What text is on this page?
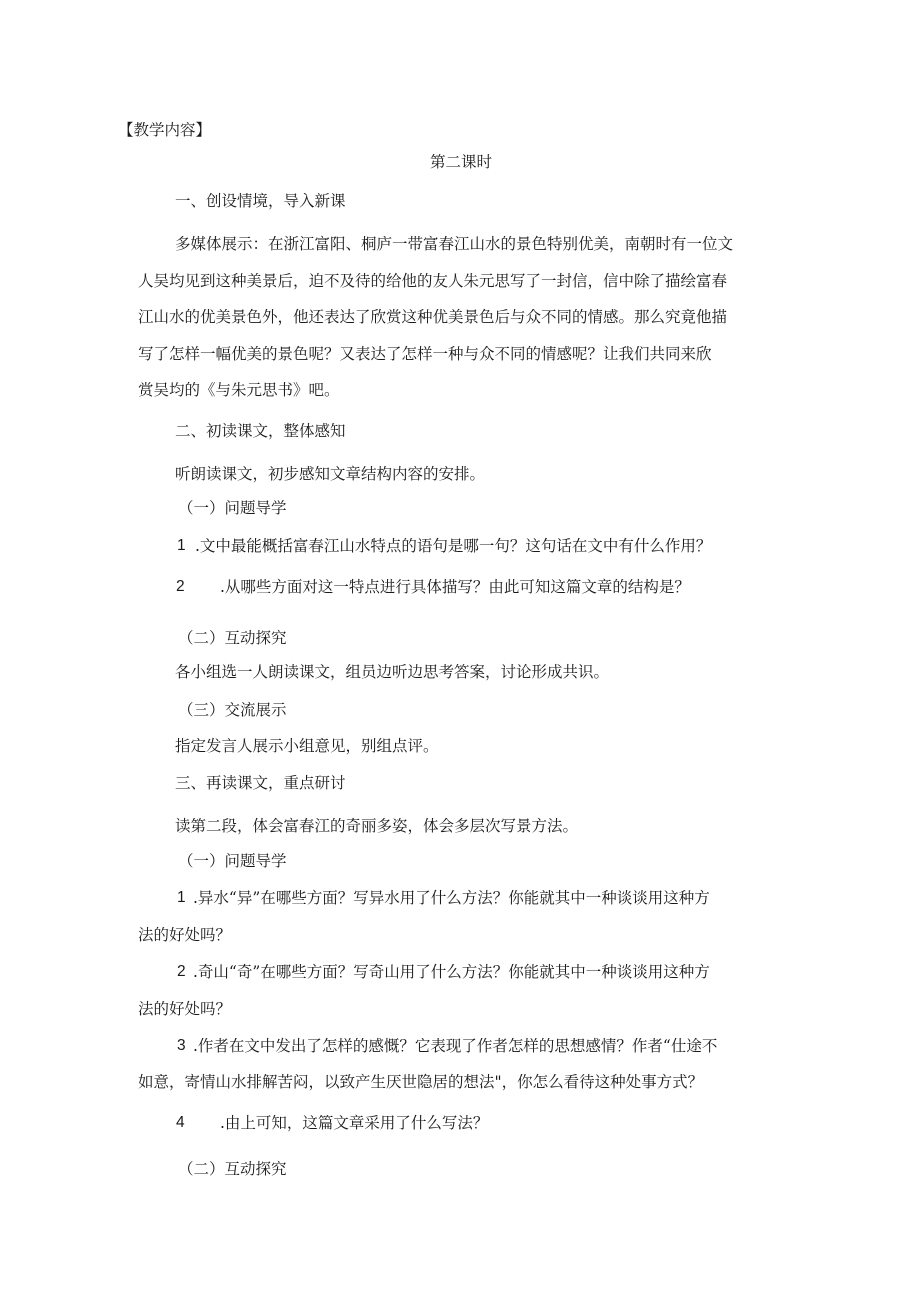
【教学内容】

第二课时

一、创设情境，导入新课

多媒体展示：在浙江富阳、桐庐一带富春江山水的景色特别优美，南朝时有一位文

人吴均见到这种美景后，迫不及待的给他的友人朱元思写了一封信，信中除了描绘富春

江山水的优美景色外，他还表达了欣赏这种优美景色后与众不同的情感。那么究竟他描

写了怎样一幅优美的景色呢？又表达了怎样一种与众不同的情感呢？让我们共同来欣

赏吴均的《与朱元思书》吧。

二、初读课文，整体感知

听朗读课文，初步感知文章结构内容的安排。

（一）问题导学

1 .文中最能概括富春江山水特点的语句是哪一句？这句话在文中有什么作用？

2 .从哪些方面对这一特点进行具体描写？由此可知这篇文章的结构是？

（二）互动探究

各小组选一人朗读课文，组员边听边思考答案，讨论形成共识。

（三）交流展示

指定发言人展示小组意见，别组点评。

三、再读课文，重点研讨

读第二段，体会富春江的奇丽多姿，体会多层次写景方法。

（一）问题导学

1 .异水“异”在哪些方面？写异水用了什么方法？你能就其中一种谈谈用这种方

法的好处吗？

2 .奇山“奇”在哪些方面？写奇山用了什么方法？你能就其中一种谈谈用这种方

法的好处吗？

3 .作者在文中发出了怎样的感慨？它表现了作者怎样的思想感情？作者“仕途不

如意，寄情山水排解苦闷，以致产生厌世隐居的想法"，你怎么看待这种处事方式？

4 .由上可知，这篇文章采用了什么写法？

（二）互动探究
